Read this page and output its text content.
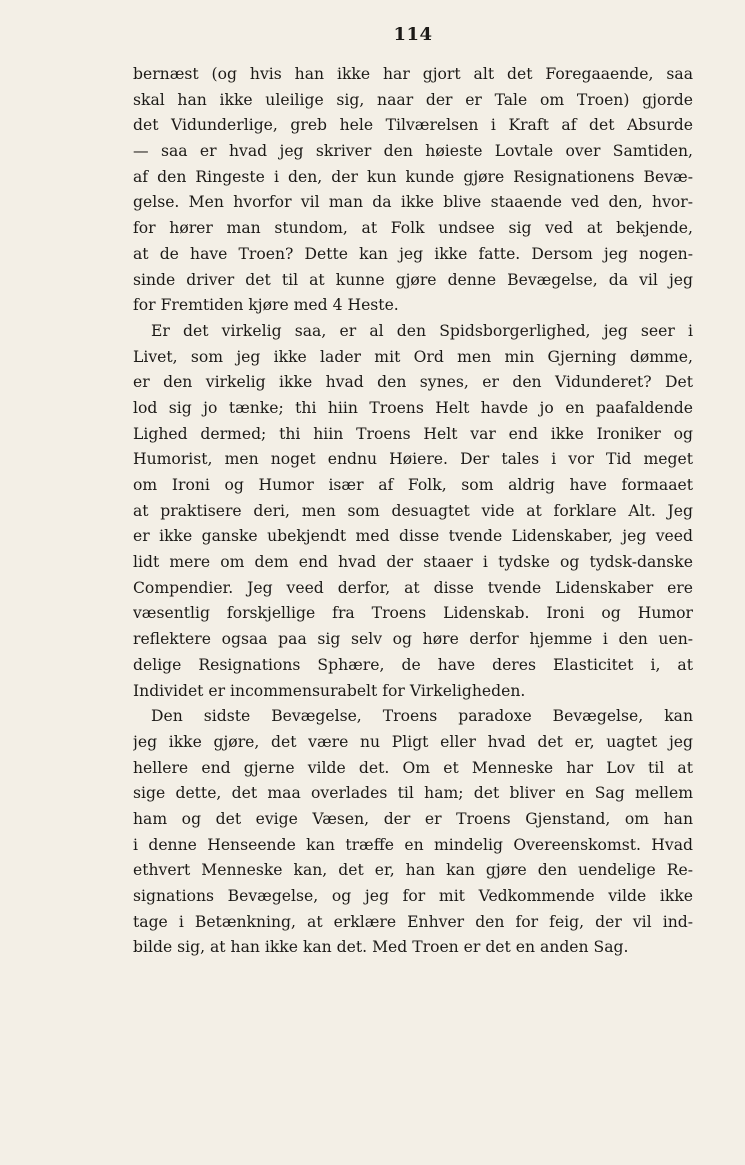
114
bernæst (og hvis han ikke har gjort alt det Foregaaende, saa
skal han ikke uleilige sig, naar der er Tale om Troen) gjorde
det Vidunderlige, greb hele Tilværelsen i Kraft af det Absurde
— saa er hvad jeg skriver den høieste Lovtale over Samtiden,
af den Ringeste i den, der kun kunde gjøre Resignationens Bevæ-
gelse. Men hvorfor vil man da ikke blive staaende ved den, hvor-
for hører man stundom, at Folk undsee sig ved at bekjende,
at de have Troen? Dette kan jeg ikke fatte. Dersom jeg nogen-
sinde driver det til at kunne gjøre denne Bevægelse, da vil jeg
for Fremtiden kjøre med 4 Heste.
Er det virkelig saa, er al den Spidsborgerlighed, jeg seer i
Livet, som jeg ikke lader mit Ord men min Gjerning dømme,
er den virkelig ikke hvad den synes, er den Vidunderet? Det
lod sig jo tænke; thi hiin Troens Helt havde jo en paafaldende
Lighed dermed; thi hiin Troens Helt var end ikke Ironiker og
Humorist, men noget endnu Høiere. Der tales i vor Tid meget
om Ironi og Humor især af Folk, som aldrig have formaaet
at praktisere deri, men som desuagtet vide at forklare Alt. Jeg
er ikke ganske ubekjendt med disse tvende Lidenskaber, jeg veed
lidt mere om dem end hvad der staaer i tydske og tydsk-danske
Compendier. Jeg veed derfor, at disse tvende Lidenskaber ere
væsentlig forskjellige fra Troens Lidenskab. Ironi og Humor
reflektere ogsaa paa sig selv og høre derfor hjemme i den uen-
delige Resignations Sphære, de have deres Elasticitet i, at
Individet er incommensurabelt for Virkeligheden.
Den sidste Bevægelse, Troens paradoxe Bevægelse, kan
jeg ikke gjøre, det være nu Pligt eller hvad det er, uagtet jeg
hellere end gjerne vilde det. Om et Menneske har Lov til at
sige dette, det maa overlades til ham; det bliver en Sag mellem
ham og det evige Væsen, der er Troens Gjenstand, om han
i denne Henseende kan træffe en mindelig Overeenskomst. Hvad
ethvert Menneske kan, det er, han kan gjøre den uendelige Re-
signations Bevægelse, og jeg for mit Vedkommende vilde ikke
tage i Betænkning, at erklære Enhver den for feig, der vil ind-
bilde sig, at han ikke kan det. Med Troen er det en anden Sag.
